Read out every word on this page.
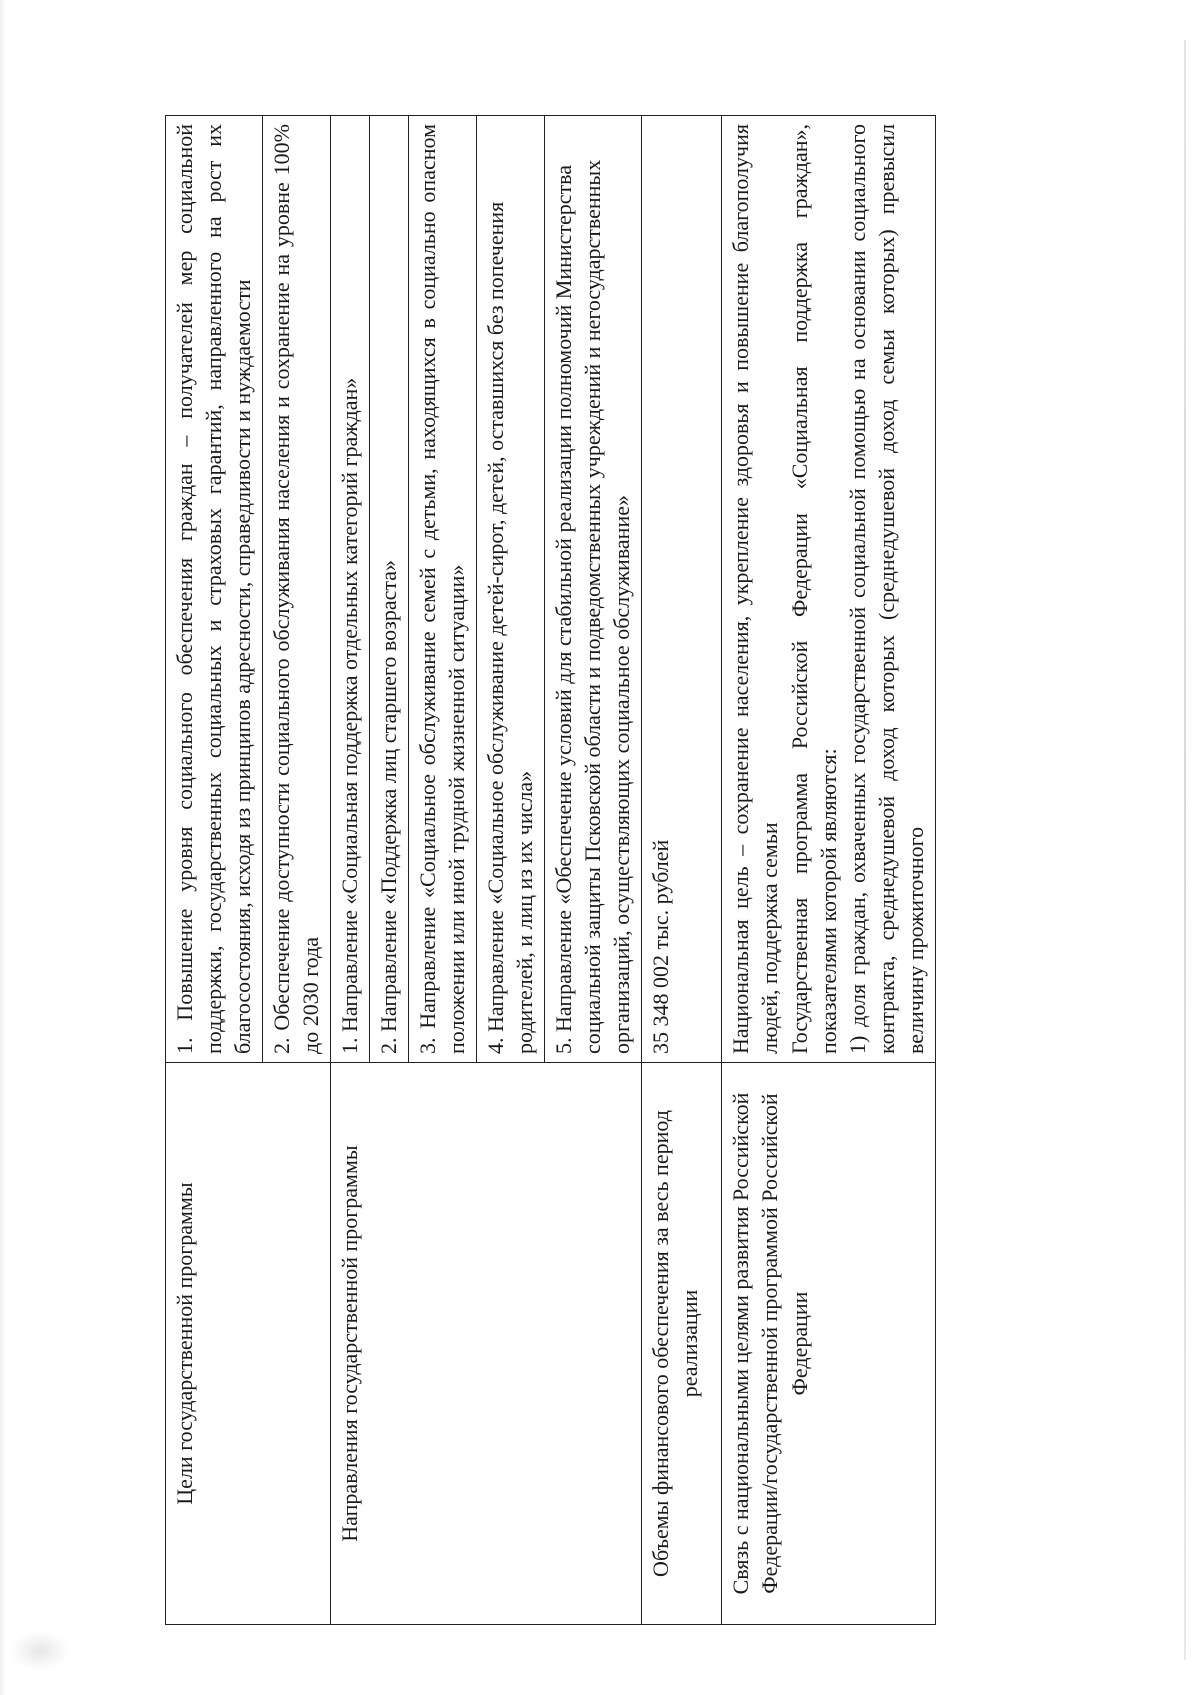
Цели государственной программы	1. Повышение уровня социального обеспечения граждан – получателей мер социальной поддержки, государственных социальных и страховых гарантий, направленного на рост их благосостояния, исходя из принципов адресности, справедливости и нуждаемости
	2. Обеспечение доступности социального обслуживания населения и сохранение на уровне 100% до 2030 года
Направления государственной программы	1. Направление «Социальная поддержка отдельных категорий граждан»
	2. Направление «Поддержка лиц старшего возраста»
	3. Направление «Социальное обслуживание семей с детьми, находящихся в социально опасном положении или иной трудной жизненной ситуации»
	4. Направление «Социальное обслуживание детей-сирот, детей, оставшихся без попечения родителей, и лиц из их числа»
	5. Направление «Обеспечение условий для стабильной реализации полномочий Министерства социальной защиты Псковской области и подведомственных учреждений и негосударственных организаций, осуществляющих социальное обслуживание»
Объемы финансового обеспечения за весь период реализации	35 348 002 тыс. рублей
Связь с национальными целями развития Российской Федерации/государственной программой Российской Федерации	Национальная цель – сохранение населения, укрепление здоровья и повышение благополучия людей, поддержка семьи Государственная программа Российской Федерации «Социальная поддержка граждан», показателями которой являются: 1) доля граждан, охваченных государственной социальной помощью на основании социального контракта, среднедушевой доход которых (среднедушевой доход семьи которых) превысил величину прожиточного
